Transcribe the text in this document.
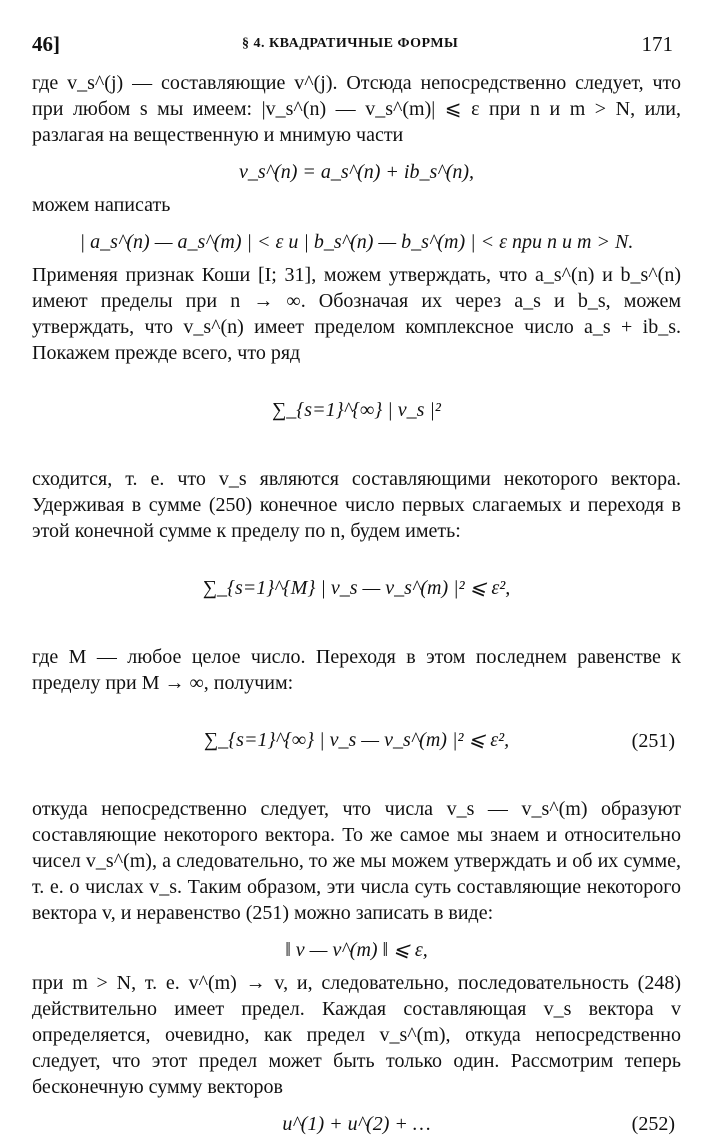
46]	§ 4. КВАДРАТИЧНЫЕ ФОРМЫ	171

где v_s^(j) — составляющие v^(j). Отсюда непосредственно следует, что при любом s мы имеем: |v_s^(n) — v_s^(m)| ⩽ ε при n и m > N, или, разлагая на вещественную и мнимую части

v_s^(n) = a_s^(n) + ib_s^(n),

можем написать

| a_s^(n) — a_s^(m) | < ε и | b_s^(n) — b_s^(m) | < ε при n и m > N.

Применяя признак Коши [I; 31], можем утверждать, что a_s^(n) и b_s^(n) имеют пределы при n → ∞. Обозначая их через a_s и b_s, можем утверждать, что v_s^(n) имеет пределом комплексное число a_s + ib_s. Покажем прежде всего, что ряд

∑_{s=1}^{∞} | v_s |²

сходится, т. е. что v_s являются составляющими некоторого вектора. Удерживая в сумме (250) конечное число первых слагаемых и переходя в этой конечной сумме к пределу по n, будем иметь:

∑_{s=1}^{M} | v_s — v_s^(m) |² ⩽ ε²,

где M — любое целое число. Переходя в этом последнем равенстве к пределу при M → ∞, получим:

∑_{s=1}^{∞} | v_s — v_s^(m) |² ⩽ ε²,	(251)

откуда непосредственно следует, что числа v_s — v_s^(m) образуют составляющие некоторого вектора. То же самое мы знаем и относительно чисел v_s^(m), а следовательно, то же мы можем утверждать и об их сумме, т. е. о числах v_s. Таким образом, эти числа суть составляющие некоторого вектора v, и неравенство (251) можно записать в виде:

‖ v — v^(m) ‖ ⩽ ε,

при m > N, т. е. v^(m) → v, и, следовательно, последовательность (248) действительно имеет предел. Каждая составляющая v_s вектора v определяется, очевидно, как предел v_s^(m), откуда непосредственно следует, что этот предел может быть только один. Рассмотрим теперь бесконечную сумму векторов

u^(1) + u^(2) + …	(252)
